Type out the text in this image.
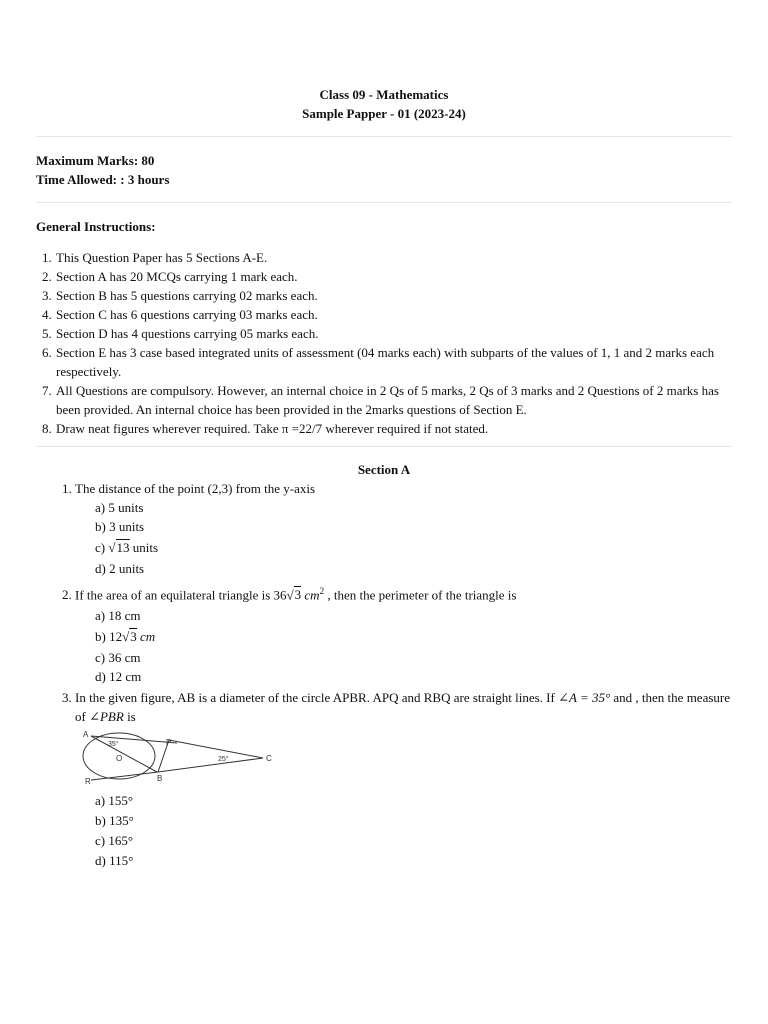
Class 09 - Mathematics
Sample Papper - 01 (2023-24)
Maximum Marks: 80
Time Allowed: : 3 hours
General Instructions:
1. This Question Paper has 5 Sections A-E.
2. Section A has 20 MCQs carrying 1 mark each.
3. Section B has 5 questions carrying 02 marks each.
4. Section C has 6 questions carrying 03 marks each.
5. Section D has 4 questions carrying 05 marks each.
6. Section E has 3 case based integrated units of assessment (04 marks each) with subparts of the values of 1, 1 and 2 marks each respectively.
7. All Questions are compulsory. However, an internal choice in 2 Qs of 5 marks, 2 Qs of 3 marks and 2 Questions of 2 marks has been provided. An internal choice has been provided in the 2marks questions of Section E.
8. Draw neat figures wherever required. Take π =22/7 wherever required if not stated.
Section A
1. The distance of the point (2,3) from the y-axis
a) 5 units
b) 3 units
c) √13 units
d) 2 units
2. If the area of an equilateral triangle is 36√3 $cm^2$ , then the perimeter of the triangle is
a) 18 cm
b) 12√3 cm
c) 36 cm
d) 12 cm
3. In the given figure, AB is a diameter of the circle APBR. APQ and RBQ are straight lines. If ∠A = 35° and , then the measure of ∠PBR is
A
35°	P
O
B
R
25°	C
a) 155°
b) 135°
c) 165°
d) 115°
